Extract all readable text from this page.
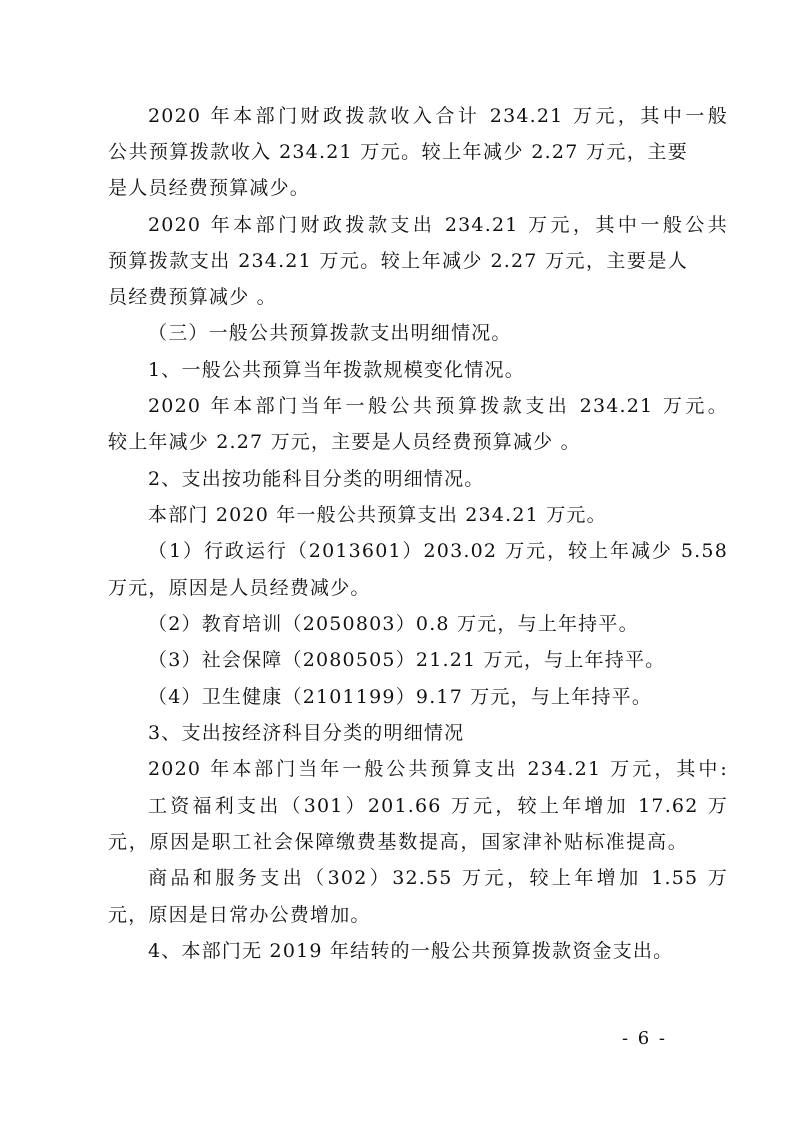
2020 年本部门财政拨款收入合计 234.21 万元，其中一般
公共预算拨款收入 234.21 万元。较上年减少 2.27 万元，主要
是人员经费预算减少。
2020 年本部门财政拨款支出 234.21 万元，其中一般公共
预算拨款支出 234.21 万元。较上年减少 2.27 万元，主要是人
员经费预算减少 。
（三）一般公共预算拨款支出明细情况。
1、一般公共预算当年拨款规模变化情况。
2020 年本部门当年一般公共预算拨款支出 234.21 万元。
较上年减少 2.27 万元，主要是人员经费预算减少 。
2、支出按功能科目分类的明细情况。
本部门 2020 年一般公共预算支出 234.21 万元。
（1）行政运行（2013601）203.02 万元，较上年减少 5.58
万元，原因是人员经费减少。
（2）教育培训（2050803）0.8 万元，与上年持平。
（3）社会保障（2080505）21.21 万元，与上年持平。
（4）卫生健康（2101199）9.17 万元，与上年持平。
3、支出按经济科目分类的明细情况
2020 年本部门当年一般公共预算支出 234.21 万元，其中:
工资福利支出（301）201.66 万元，较上年增加 17.62 万
元，原因是职工社会保障缴费基数提高，国家津补贴标准提高。
商品和服务支出（302）32.55 万元，较上年增加 1.55 万
元，原因是日常办公费增加。
4、本部门无 2019 年结转的一般公共预算拨款资金支出。
- 6 -
